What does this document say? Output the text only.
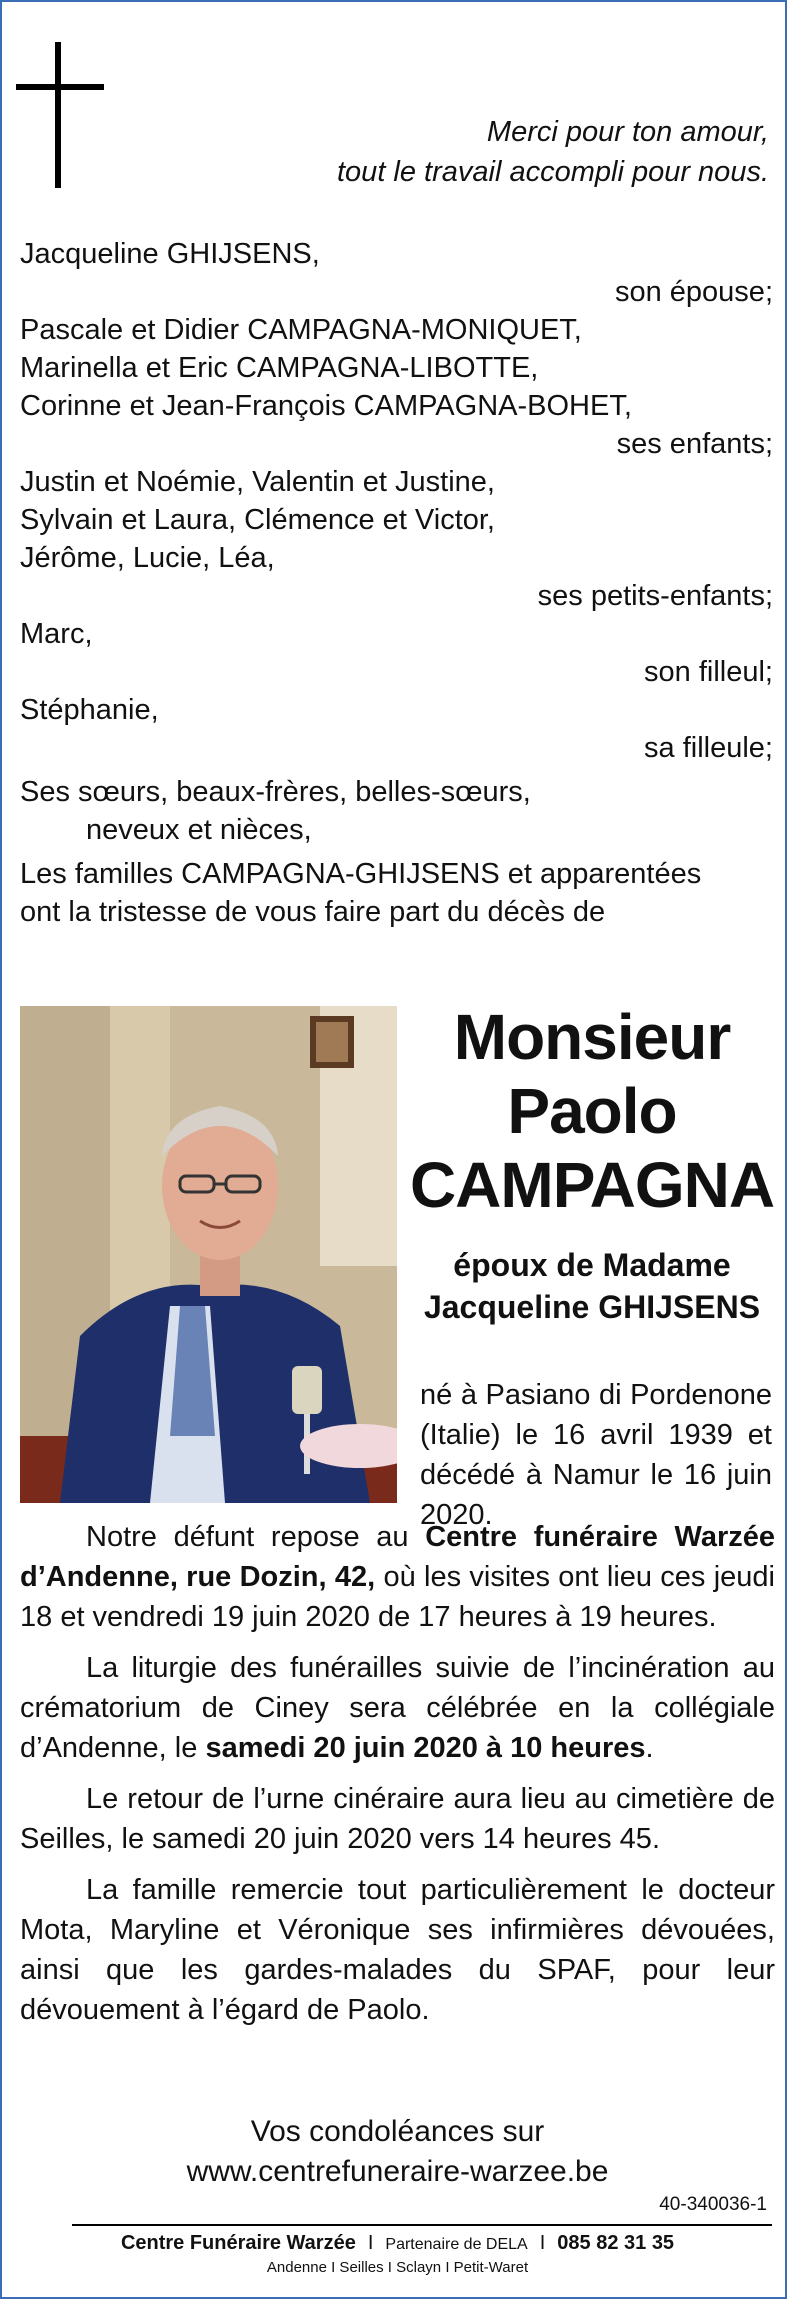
Merci pour ton amour,
tout le travail accompli pour nous.
Jacqueline GHIJSENS,
son épouse;
Pascale et Didier CAMPAGNA-MONIQUET,
Marinella et Eric CAMPAGNA-LIBOTTE,
Corinne et Jean-François CAMPAGNA-BOHET,
ses enfants;
Justin et Noémie, Valentin et Justine,
Sylvain et Laura, Clémence et Victor,
Jérôme, Lucie, Léa,
ses petits-enfants;
Marc,
son filleul;
Stéphanie,
sa filleule;
Ses sœurs, beaux-frères, belles-sœurs,
neveux et nièces,
Les familles CAMPAGNA-GHIJSENS et apparentées
ont la tristesse de vous faire part du décès de
Monsieur
Paolo
CAMPAGNA
époux de Madame
Jacqueline GHIJSENS
né à Pasiano di Pordenone (Italie) le 16 avril 1939 et décédé à Namur le 16 juin 2020.

Notre défunt repose au Centre funéraire Warzée d’Andenne, rue Dozin, 42, où les visites ont lieu ces jeudi 18 et vendredi 19 juin 2020 de 17 heures à 19 heures.

La liturgie des funérailles suivie de l’incinération au crématorium de Ciney sera célébrée en la collégiale d’Andenne, le samedi 20 juin 2020 à 10 heures.

Le retour de l’urne cinéraire aura lieu au cimetière de Seilles, le samedi 20 juin 2020 vers 14 heures 45.

La famille remercie tout particulièrement le docteur Mota, Maryline et Véronique ses infirmières dévouées, ainsi que les gardes-malades du SPAF, pour leur dévouement à l’égard de Paolo.

Vos condoléances sur
www.centrefuneraire-warzee.be
40-340036-1
Centre Funéraire Warzée I Partenaire de DELA I 085 82 31 35
Andenne I Seilles I Sclayn I Petit-Waret
